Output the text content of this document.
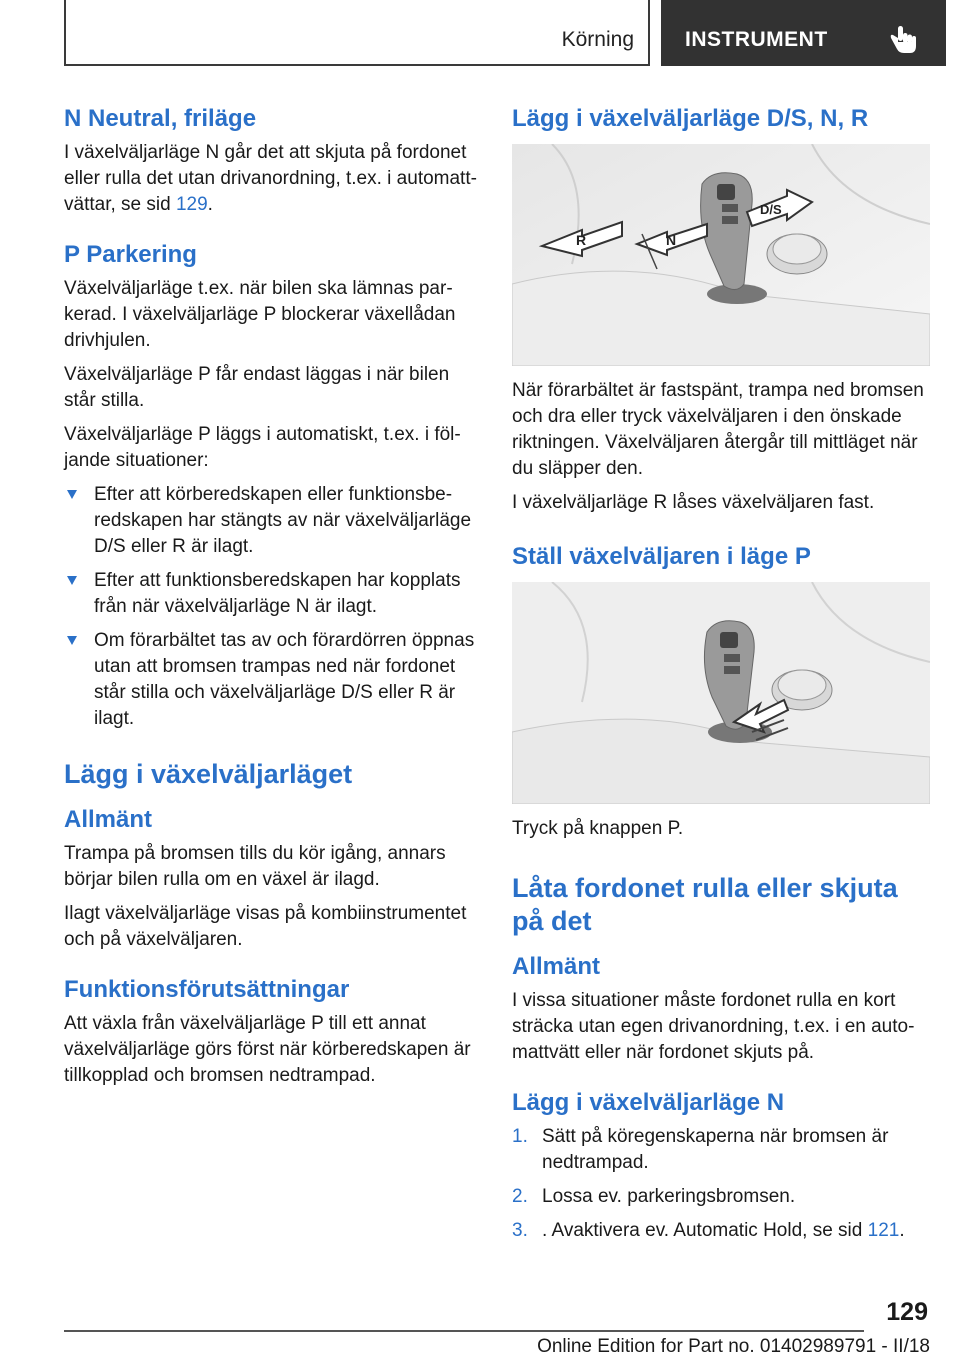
Körning INSTRUMENT
N Neutral, friläge

I växelväljarläge N går det att skjuta på fordonet eller rulla det utan drivanordning, t.ex. i automattvättar, se sid 129.

P Parkering

Växelväljarläge t.ex. när bilen ska lämnas parkerad. I växelväljarläge P blockerar växellådan drivhjulen.

Växelväljarläge P får endast läggas i när bilen står stilla.

Växelväljarläge P läggs i automatiskt, t.ex. i följande situationer:

Efter att körberedskapen eller funktionsberedskapen har stängts av när växelväljarläge D/S eller R är ilagt.
Efter att funktionsberedskapen har kopplats från när växelväljarläge N är ilagt.
Om förarbältet tas av och förardörren öppnas utan att bromsen trampas ned när fordonet står stilla och växelväljarläge D/S eller R är ilagt.
Lägg i växelväljarläget
Allmänt

Trampa på bromsen tills du kör igång, annars börjar bilen rulla om en växel är ilagd.

Ilagt växelväljarläge visas på kombiinstrumentet och på växelväljaren.

Funktionsförutsättningar

Att växla från växelväljarläge P till ett annat växelväljarläge görs först när körberedskapen är tillkopplad och bromsen nedtrampad.

Lägg i växelväljarläge D/S, N, R
R	N
D/S

När förarbältet är fastspänt, trampa ned bromsen och dra eller tryck växelväljaren i den önskade riktningen. Växelväljaren återgår till mittläget när du släpper den.

I växelväljarläge R låses växelväljaren fast.

Ställ växelväljaren i läge P

Tryck på knappen P.

Låta fordonet rulla eller skjuta på det
Allmänt

I vissa situationer måste fordonet rulla en kort sträcka utan egen drivanordning, t.ex. i en automattvätt eller när fordonet skjuts på.

Lägg i växelväljarläge N
1. Sätt på köregenskaperna när bromsen är nedtrampad.
2. Lossa ev. parkeringsbromsen.
3. . Avaktivera ev. Automatic Hold, se sid 121.
129
Online Edition for Part no. 01402989791 - II/18
